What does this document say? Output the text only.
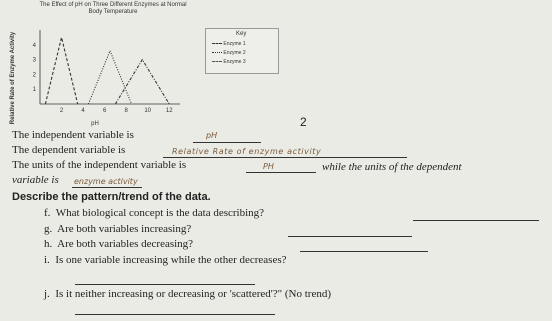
The Effect of pH on Three Different Enzymes at Normal Body Temperature
Relative Rate of Enzyme Activity	2	4	6	8	10 12
1
2
3
4
pH
Key
Enzyme 1
Enzyme 2
Enzyme 3
2
The independent variable is	pH
The dependent variable is	Relative Rate of enzyme activity
The units of the independent variable is	PH	while the units of the dependent
variable is enzyme activity
Describe the pattern/trend of the data.
f. What biological concept is the data describing?
g. Are both variables increasing?
h. Are both variables decreasing?
i. Is one variable increasing while the other decreases?
j. Is it neither increasing or decreasing or 'scattered'?" (No trend)
